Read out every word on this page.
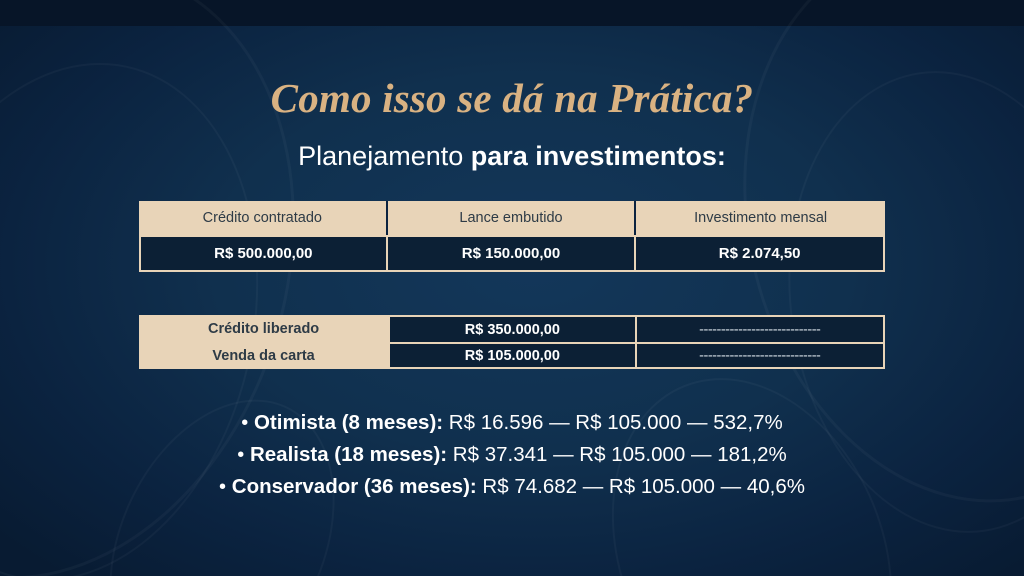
Como isso se dá na Prática?
Planejamento para investimentos:
Crédito contratado	Lance embutido	Investimento mensal
R$ 500.000,00	R$ 150.000,00	R$ 2.074,50
Crédito liberado	R$ 350.000,00	----------------------------
Venda da carta	R$ 105.000,00	----------------------------
• Otimista (8 meses): R$ 16.596 — R$ 105.000 — 532,7%
• Realista (18 meses): R$ 37.341 — R$ 105.000 — 181,2%
• Conservador (36 meses): R$ 74.682 — R$ 105.000 — 40,6%
